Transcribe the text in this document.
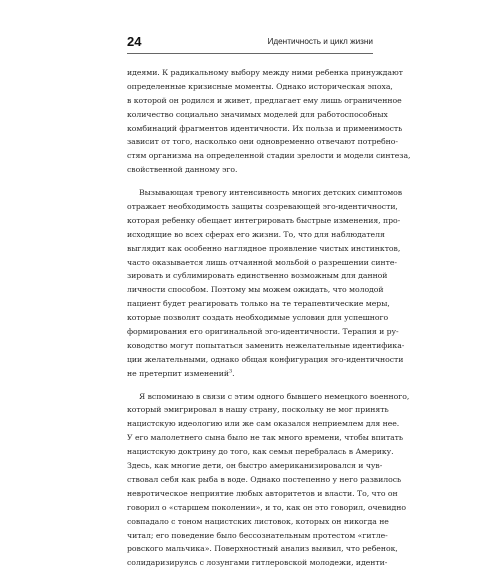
24	Идентичность и цикл жизни
идеями. К радикальному выбору между ними ребенка принуждают
определенные кризисные моменты. Однако историческая эпоха,
в которой он родился и живет, предлагает ему лишь ограниченное
количество социально значимых моделей для работоспособных
комбинаций фрагментов идентичности. Их польза и применимость
зависит от того, насколько они одновременно отвечают потребно-
стям организма на определенной стадии зрелости и модели синтеза,
свойственной данному эго.
Вызывающая тревогу интенсивность многих детских симптомов
отражает необходимость защиты созревающей эго-идентичности,
которая ребенку обещает интегрировать быстрые изменения, про-
исходящие во всех сферах его жизни. То, что для наблюдателя
выглядит как особенно наглядное проявление чистых инстинктов,
часто оказывается лишь отчаянной мольбой о разрешении синте-
зировать и сублимировать единственно возможным для данной
личности способом. Поэтому мы можем ожидать, что молодой
пациент будет реагировать только на те терапевтические меры,
которые позволят создать необходимые условия для успешного
формирования его оригинальной эго-идентичности. Терапия и ру-
ководство могут попытаться заменить нежелательные идентифика-
ции желательными, однако общая конфигурация эго-идентичности
не претерпит изменений$^3$.
Я вспоминаю в связи с этим одного бывшего немецкого военного,
который эмигрировал в нашу страну, поскольку не мог принять
нацистскую идеологию или же сам оказался неприемлем для нее.
У его малолетнего сына было не так много времени, чтобы впитать
нацистскую доктрину до того, как семья перебралась в Америку.
Здесь, как многие дети, он быстро американизировался и чув-
ствовал себя как рыба в воде. Однако постепенно у него развилось
невротическое неприятие любых авторитетов и власти. То, что он
говорил о «старшем поколении», и то, как он это говорил, очевидно
совпадало с тоном нацистских листовок, которых он никогда не
читал; его поведение было бессознательным протестом «гитле-
ровского мальчика». Поверхностный анализ выявил, что ребенок,
солидаризируясь с лозунгами гитлеровской молодежи, иденти-
